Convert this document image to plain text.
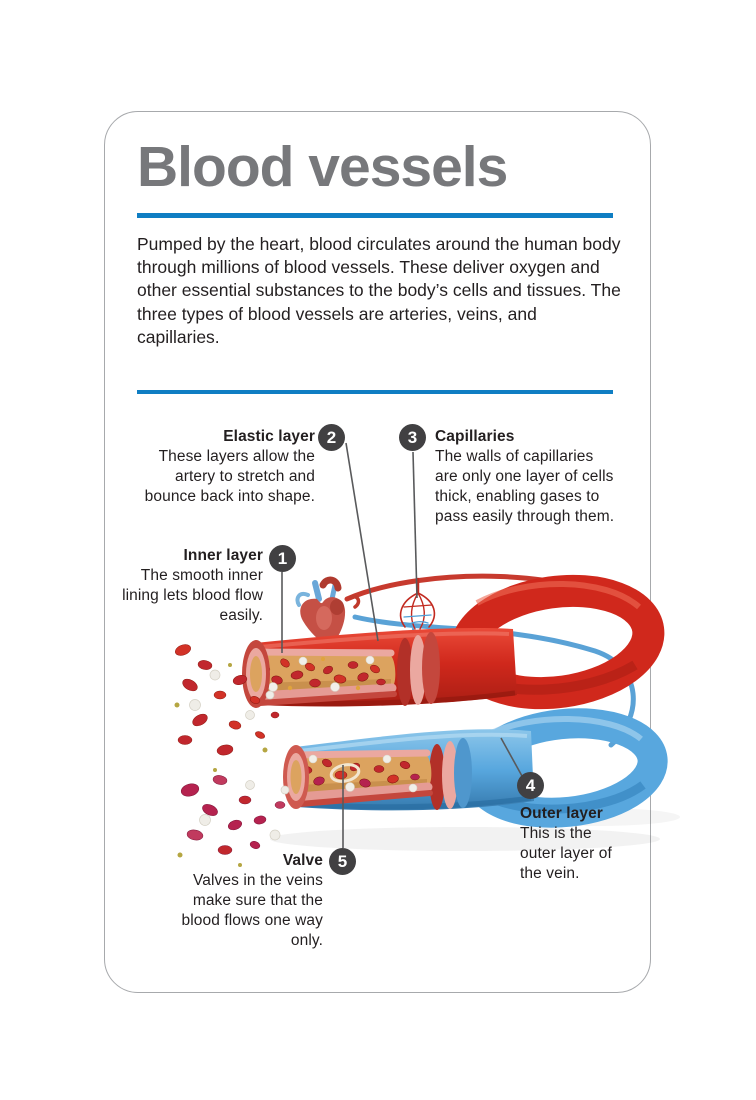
Blood vessels

Pumped by the heart, blood circulates around the human body through millions of blood vessels. These deliver oxygen and other essential substances to the body’s cells and tissues. The three types of blood vessels are arteries, veins, and capillaries.

Elastic layer
These layers allow the artery to stretch and bounce back into shape.
2	Capillaries
The walls of capillaries are only one layer of cells thick, enabling gases to pass easily through them.
3
Inner layer
The smooth inner lining lets blood flow easily.
1
Outer layer
This is the outer layer of the vein.
4
Valve
Valves in the veins make sure that the blood flows one way only.
5
